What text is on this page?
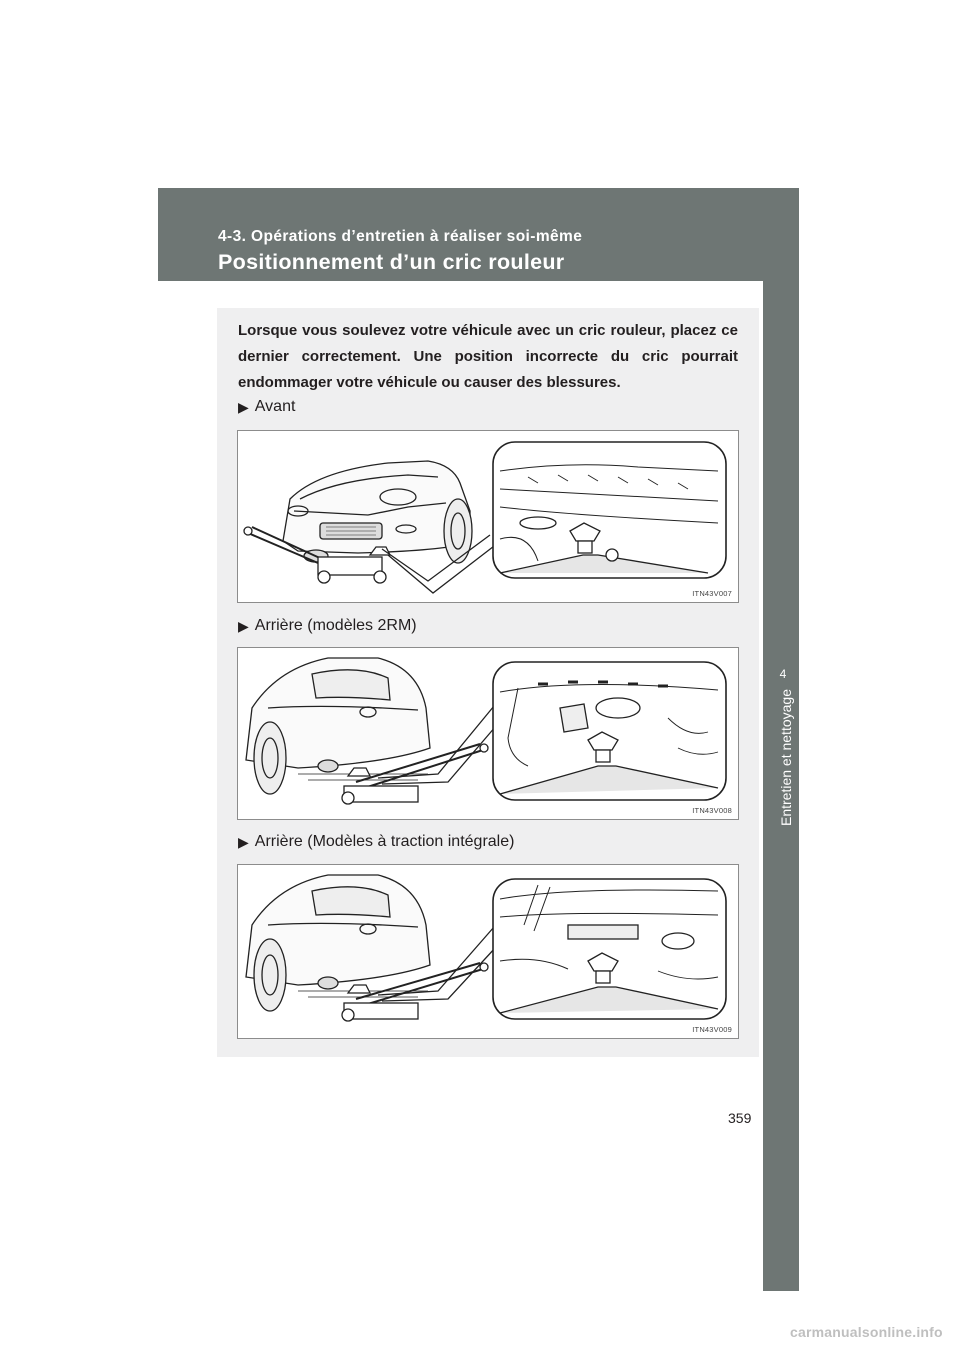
4-3. Opérations d’entretien à réaliser soi-même
Positionnement d’un cric rouleur
4
Entretien et nettoyage
Lorsque vous soulevez votre véhicule avec un cric rouleur, placez ce dernier correctement. Une position incorrecte du cric pourrait endommager votre véhicule ou causer des blessures.
▶ Avant
ITN43V007
▶ Arrière (modèles 2RM)
ITN43V008
▶ Arrière (Modèles à traction intégrale)
ITN43V009
359
carmanualsonline.info
